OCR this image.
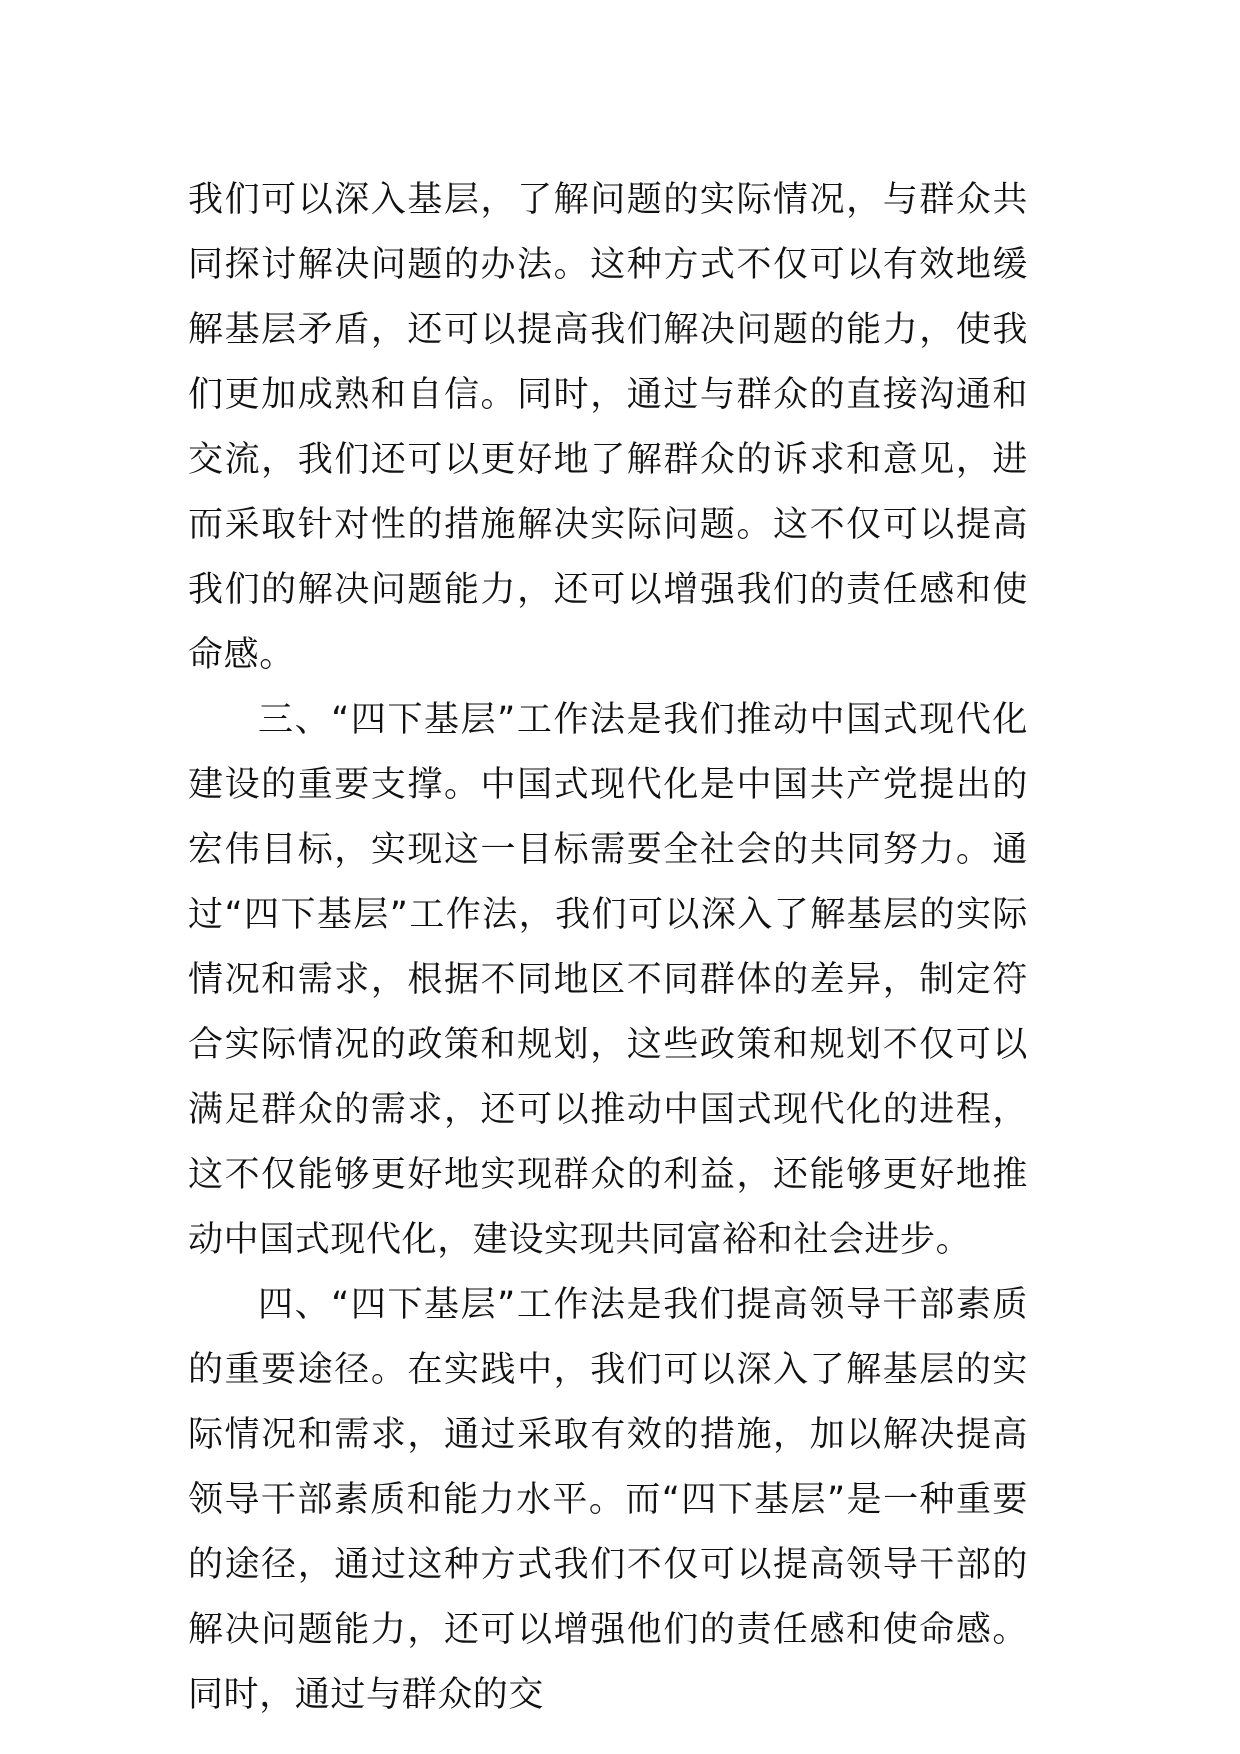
我们可以深入基层，了解问题的实际情况，与群众共同探讨解决问题的办法。这种方式不仅可以有效地缓解基层矛盾，还可以提高我们解决问题的能力，使我们更加成熟和自信。同时，通过与群众的直接沟通和交流，我们还可以更好地了解群众的诉求和意见，进而采取针对性的措施解决实际问题。这不仅可以提高我们的解决问题能力，还可以增强我们的责任感和使命感。

三、“四下基层”工作法是我们推动中国式现代化建设的重要支撑。中国式现代化是中国共产党提出的宏伟目标，实现这一目标需要全社会的共同努力。通过“四下基层”工作法，我们可以深入了解基层的实际情况和需求，根据不同地区不同群体的差异，制定符合实际情况的政策和规划，这些政策和规划不仅可以满足群众的需求，还可以推动中国式现代化的进程，这不仅能够更好地实现群众的利益，还能够更好地推动中国式现代化，建设实现共同富裕和社会进步。

四、“四下基层”工作法是我们提高领导干部素质的重要途径。在实践中，我们可以深入了解基层的实际情况和需求，通过采取有效的措施，加以解决提高领导干部素质和能力水平。而“四下基层”是一种重要的途径，通过这种方式我们不仅可以提高领导干部的解决问题能力，还可以增强他们的责任感和使命感。同时，通过与群众的交
